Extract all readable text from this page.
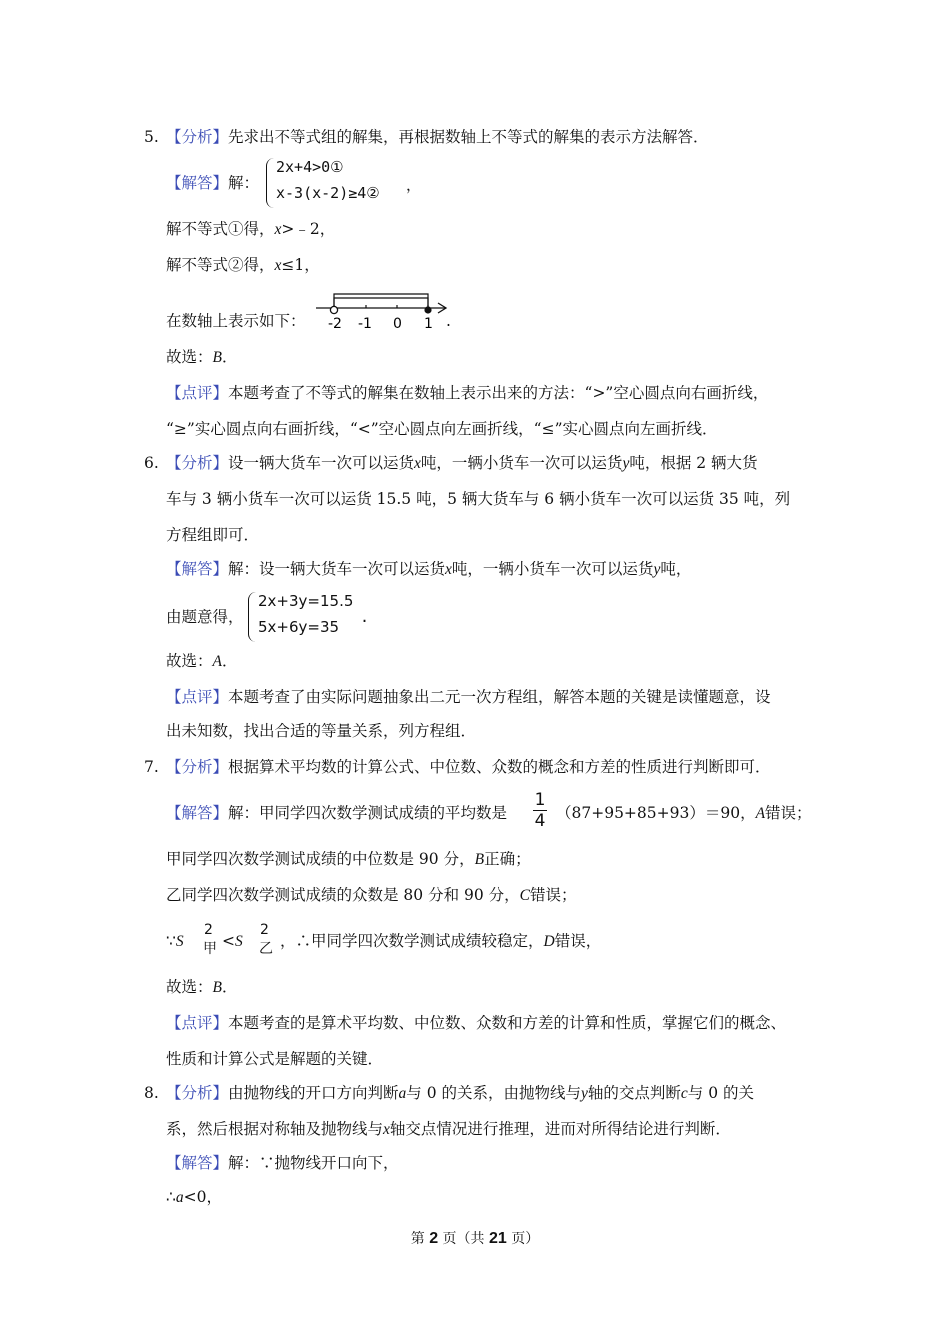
5. 【分析】先求出不等式组的解集，再根据数轴上不等式的解集的表示方法解答．
【解答】解：
2x+4>0①
x-3(x-2)≥4② ，
解不等式①得，x>﹣2，
解不等式②得，x≤1，
在数轴上表示如下： -2 -1 0 1 .
故选：B．
【点评】本题考查了不等式的解集在数轴上表示出来的方法：“>”空心圆点向右画折线，
“≥”实心圆点向右画折线，“<”空心圆点向左画折线，“≤”实心圆点向左画折线．
6. 【分析】设一辆大货车一次可以运货x吨，一辆小货车一次可以运货y吨，根据 2 辆大货
车与 3 辆小货车一次可以运货 15.5 吨，5 辆大货车与 6 辆小货车一次可以运货 35 吨，列
方程组即可．
【解答】解：设一辆大货车一次可以运货x吨，一辆小货车一次可以运货y吨，
由题意得，
2x+3y=15.5
5x+6y=35
.
故选：A．
【点评】本题考查了由实际问题抽象出二元一次方程组，解答本题的关键是读懂题意，设
出未知数，找出合适的等量关系，列方程组．
7. 【分析】根据算术平均数的计算公式、中位数、众数的概念和方差的性质进行判断即可．
【解答】解：甲同学四次数学测试成绩的平均数是
1
4 （87+95+85+93）＝90，A错误；
甲同学四次数学测试成绩的中位数是 90 分，B正确；
乙同学四次数学测试成绩的众数是 80 分和 90 分，C错误；
∵S
2
甲 <S
2
乙 ，∴甲同学四次数学测试成绩较稳定，D错误，
故选：B．
【点评】本题考查的是算术平均数、中位数、众数和方差的计算和性质，掌握它们的概念、
性质和计算公式是解题的关键．
8. 【分析】由抛物线的开口方向判断a与 0 的关系，由抛物线与y轴的交点判断c与 0 的关
系，然后根据对称轴及抛物线与x轴交点情况进行推理，进而对所得结论进行判断．
【解答】解：∵抛物线开口向下，
∴a<0，
第 2 页（共 21 页）
